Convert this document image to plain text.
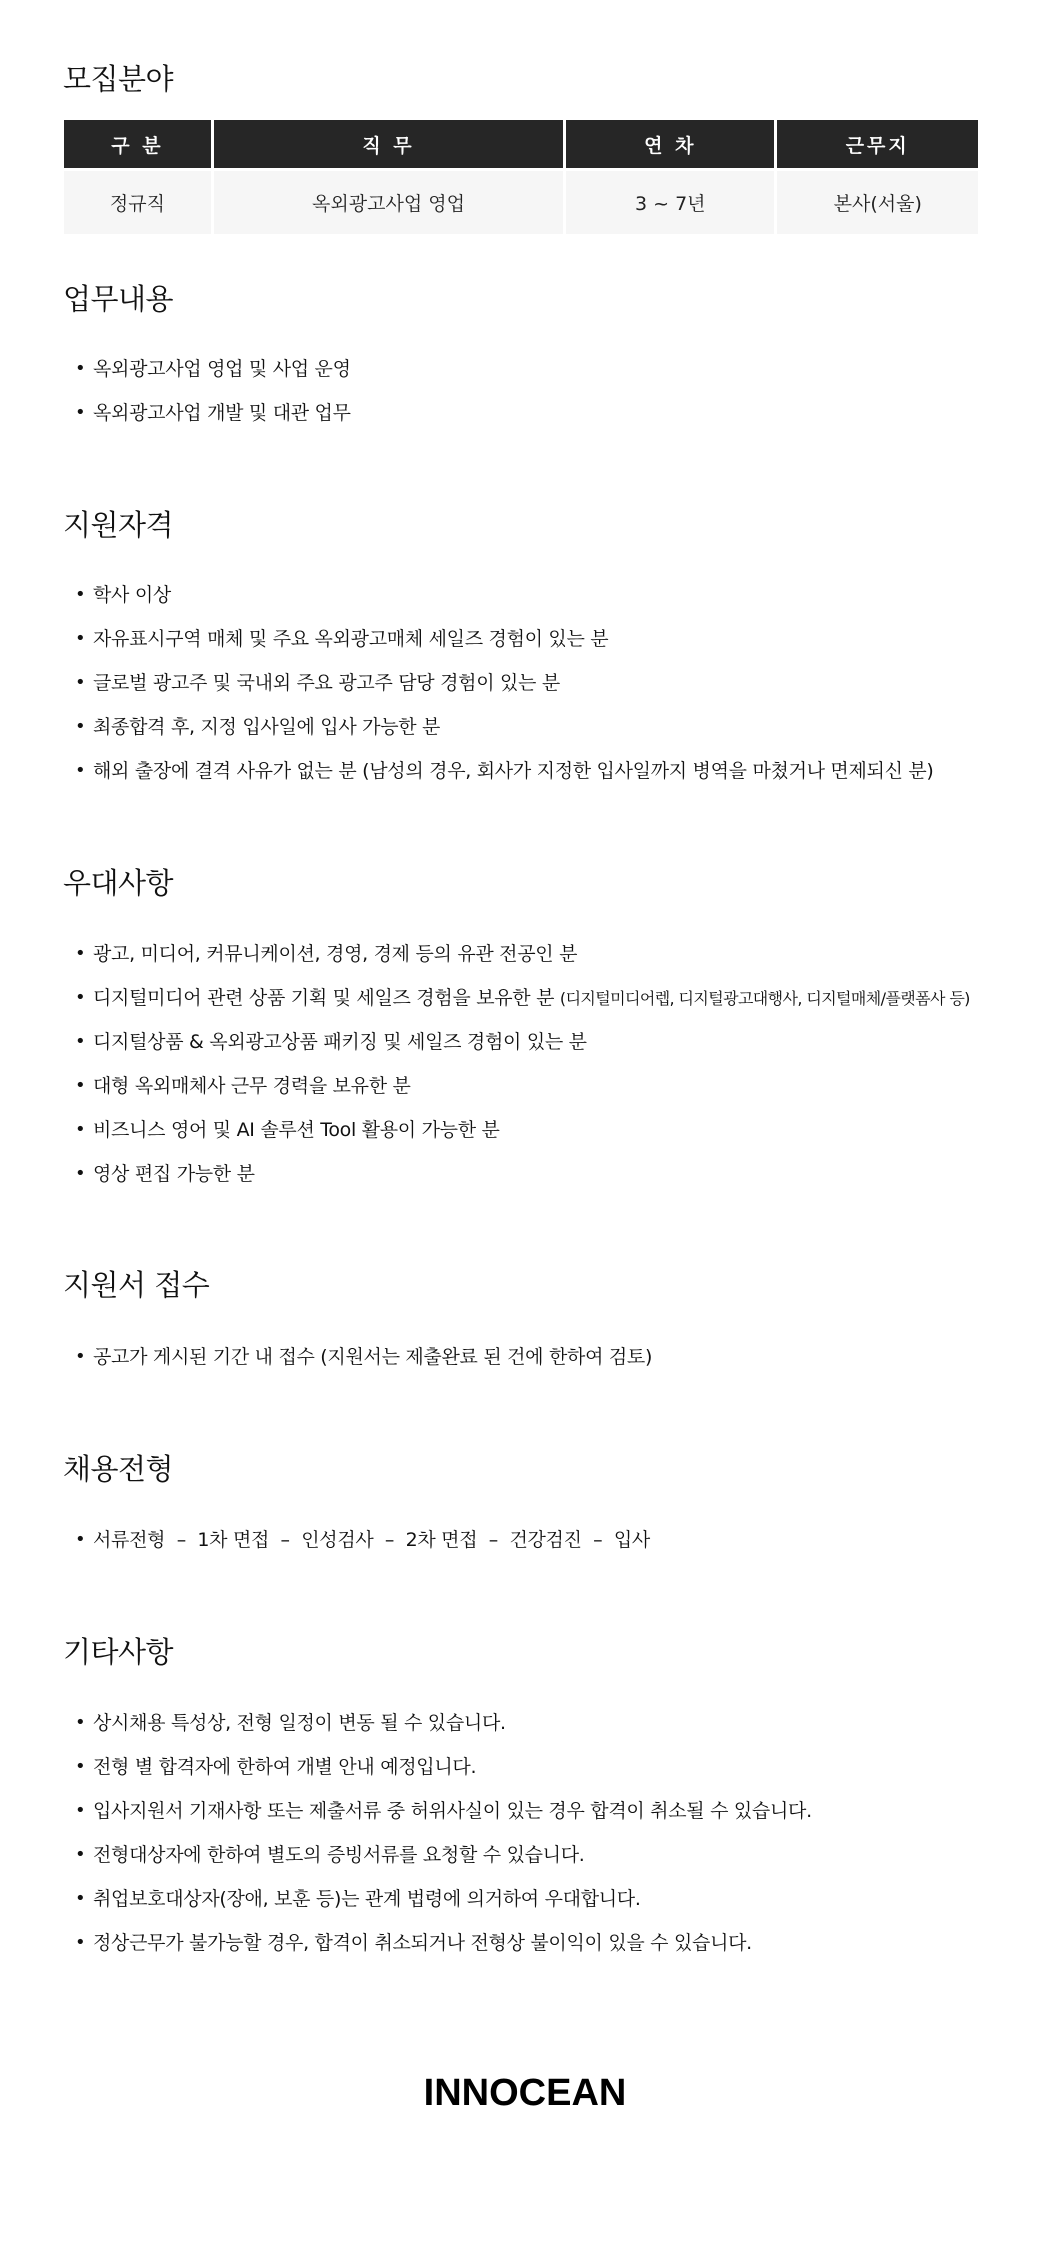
모집분야
구 분	직 무	연 차	근무지
정규직	옥외광고사업 영업	3 ~ 7년	본사(서울)
업무내용
• 옥외광고사업 영업 및 사업 운영
• 옥외광고사업 개발 및 대관 업무
지원자격
• 학사 이상
• 자유표시구역 매체 및 주요 옥외광고매체 세일즈 경험이 있는 분
• 글로벌 광고주 및 국내외 주요 광고주 담당 경험이 있는 분
• 최종합격 후, 지정 입사일에 입사 가능한 분
• 해외 출장에 결격 사유가 없는 분 (남성의 경우, 회사가 지정한 입사일까지 병역을 마쳤거나 면제되신 분)
우대사항
• 광고, 미디어, 커뮤니케이션, 경영, 경제 등의 유관 전공인 분
• 디지털미디어 관련 상품 기획 및 세일즈 경험을 보유한 분 (디지털미디어렙, 디지털광고대행사, 디지털매체/플랫폼사 등)
• 디지털상품 & 옥외광고상품 패키징 및 세일즈 경험이 있는 분
• 대형 옥외매체사 근무 경력을 보유한 분
• 비즈니스 영어 및 AI 솔루션 Tool 활용이 가능한 분
• 영상 편집 가능한 분
지원서 접수
• 공고가 게시된 기간 내 접수 (지원서는 제출완료 된 건에 한하여 검토)
채용전형
• 서류전형  –  1차 면접  –  인성검사  –  2차 면접  –  건강검진  –  입사
기타사항
• 상시채용 특성상, 전형 일정이 변동 될 수 있습니다.
• 전형 별 합격자에 한하여 개별 안내 예정입니다.
• 입사지원서 기재사항 또는 제출서류 중 허위사실이 있는 경우 합격이 취소될 수 있습니다.
• 전형대상자에 한하여 별도의 증빙서류를 요청할 수 있습니다.
• 취업보호대상자(장애, 보훈 등)는 관계 법령에 의거하여 우대합니다.
• 정상근무가 불가능할 경우, 합격이 취소되거나 전형상 불이익이 있을 수 있습니다.
INNOCEAN
